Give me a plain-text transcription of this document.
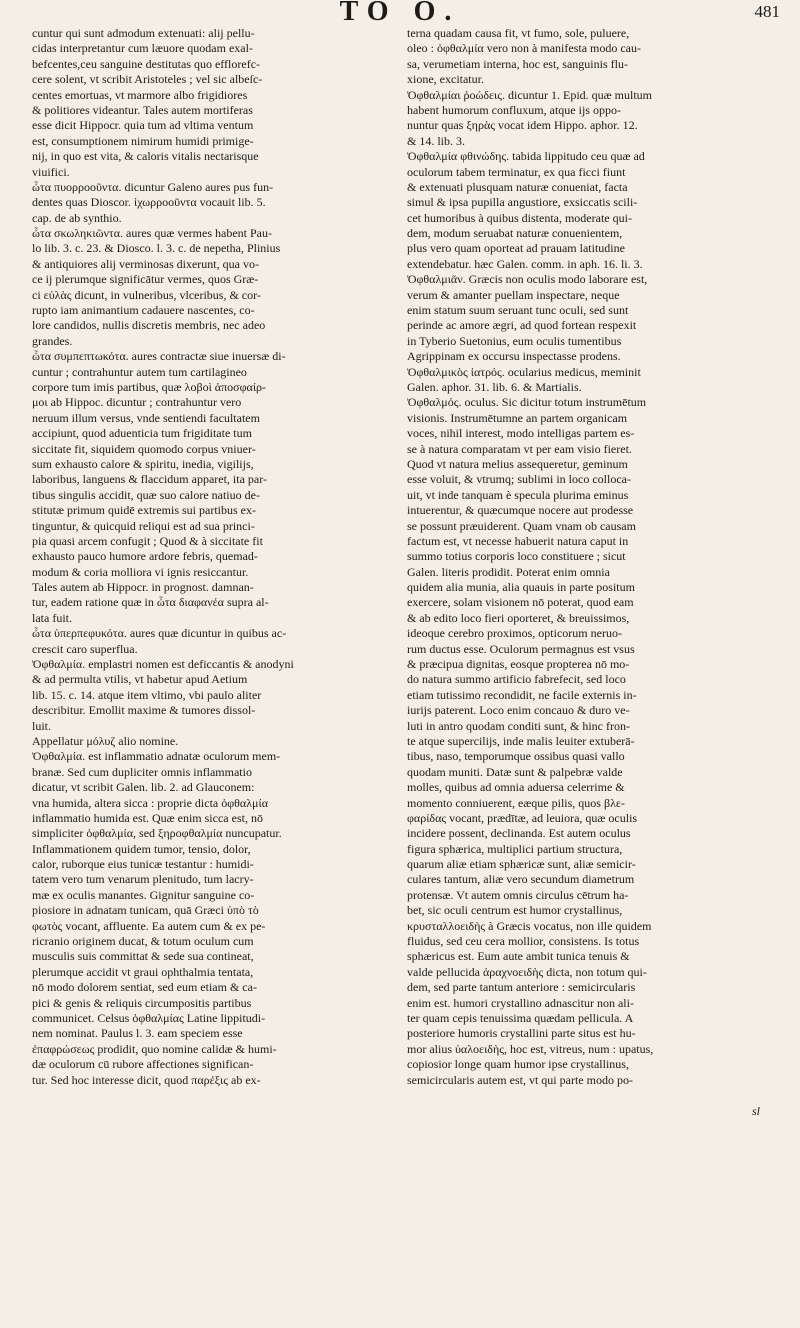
TO O.	481
cuntur qui sunt admodum extenuati: alij pellu-
cidas interpretantur cum læuore quodam exal-
befcentes,ceu sanguine destitutas quo efflorefc-
cere solent, vt scribit Aristoteles ; vel sic albeſc-
centes emortuas, vt marmore albo frigidiores
& politiores videantur. Tales autem mortiferas
esse dicit Hippocr. quia tum ad vltima ventum
est, consumptionem nimirum humidi primige-
nij, in quo est vita, & caloris vitalis nectarisque
viuifici.
ὦτα πυορροοῦντα. dicuntur Galeno aures pus fun-
dentes quas Dioscor. ἰχωρροοῦντα vocauit lib. 5.
cap. de ab synthio.
ὦτα σκωληκιῶντα. aures quæ vermes habent Pau-
lo lib. 3. c. 23. & Diosco. l. 3. c. de nepetha, Plinius
& antiquiores alij verminosas dixerunt, qua vo-
ce ij plerumque significātur vermes, quos Græ-
ci εὐλὰς dicunt, in vulneribus, vlceribus, & cor-
rupto iam animantium cadauere nascentes, co-
lore candidos, nullis discretis membris, nec adeo
grandes.
ὦτα συμπεπτωκότα. aures contractæ siue inuersæ di-
cuntur ; contrahuntur autem tum cartilagineo
corpore tum imis partibus, quæ λοβοὶ ἀποσφαίρ-
μοι ab Hippoc. dicuntur ; contrahuntur vero
neruum illum versus, vnde sentiendi facultatem
accipiunt, quod aduenticia tum frigiditate tum
siccitate fit, siquidem quomodo corpus vniuer-
sum exhausto calore & spiritu, inedia, vigilijs,
laboribus, languens & flaccidum apparet, ita par-
tibus singulis accidit, quæ suo calore natiuo de-
stitutæ primum quidē extremis sui partibus ex-
tinguntur, & quicquid reliqui est ad sua princi-
pia quasi arcem confugit ; Quod & à siccitate fit
exhausto pauco humore ardore febris, quemad-
modum & coria molliora vi ignis resiccantur.
Tales autem ab Hippocr. in prognost. damnan-
tur, eadem ratione quæ in ὦτα διαφανέα supra al-
lata fuit.
ὦτα ὑπερπεφυκότα. aures quæ dicuntur in quibus ac-
crescit caro superflua.
Ὀφθαλμία. emplastri nomen est deficcantis & anodyni
& ad permulta vtilis, vt habetur apud Aetium
lib. 15. c. 14. atque item vltimo, vbi paulo aliter
describitur. Emollit maxime & tumores dissol-
luit.
Appellatur μόλυζ alio nomine.
Ὀφθαλμία. est inflammatio adnatæ oculorum mem-
branæ. Sed cum dupliciter omnis inflammatio
dicatur, vt scribit Galen. lib. 2. ad Glauconem:
vna humida, altera sicca : proprie dicta ὀφθαλμία
inflammatio humida est. Quæ enim sicca est, nō
simpliciter ὀφθαλμία, sed ξηροφθαλμία nuncupatur.
Inflammationem quidem tumor, tensio, dolor,
calor, ruborque eius tunicæ testantur : humidi-
tatem vero tum venarum plenitudo, tum lacry-
mæ ex oculis manantes. Gignitur sanguine co-
piosiore in adnatam tunicam, quā Græci ὑπὸ τὸ
φωτὸς vocant, affluente. Ea autem cum & ex pe-
ricranio originem ducat, & totum oculum cum
musculis suis committat & sede sua contineat,
plerumque accidit vt graui ophthalmia tentata,
nō modo dolorem sentiat, sed eum etiam & ca-
pici & genis & reliquis circumpositis partibus
communicet. Celsus ὀφθαλμίας Latine lippitudi-
nem nominat. Paulus l. 3. eam speciem esse
ἐπαφρώσεως prodidit, quo nomine calidæ & humi-
dæ oculorum cū rubore affectiones significan-
tur. Sed hoc interesse dicit, quod παρέξις ab ex-
terna quadam causa fit, vt fumo, sole, puluere,
oleo : ὀφθαλμία vero non à manifesta modo cau-
sa, verumetiam interna, hoc est, sanguinis flu-
xione, excitatur.
Ὀφθαλμίαι ῥοώδεις. dicuntur 1. Epid. quæ multum
habent humorum confluxum, atque ijs oppo-
nuntur quas ξηρὰς vocat idem Hippo. aphor. 12.
& 14. lib. 3.
Ὀφθαλμία φθινώδης. tabida lippitudo ceu quæ ad
oculorum tabem terminatur, ex qua ficci fiunt
& extenuati plusquam naturæ conueniat, facta
simul & ipsa pupilla angustiore, exsiccatis scili-
cet humoribus à quibus distenta, moderate qui-
dem, modum seruabat naturæ conuenientem,
plus vero quam oporteat ad prauam latitudine
extendebatur. hæc Galen. comm. in aph. 16. li. 3.
Ὀφθαλμιᾶν. Græcis non oculis modo laborare est,
verum & amanter puellam inspectare, neque
enim statum suum seruant tunc oculi, sed sunt
perinde ac amore ægri, ad quod fortean respexit
in Tyberio Suetonius, eum oculis tumentibus
Agrippinam ex occursu inspectasse prodens.
Ὀφθαλμικὸς ἰατρός. ocularius medicus, meminit
Galen. aphor. 31. lib. 6. & Martialis.
Ὀφθαλμός. oculus. Sic dicitur totum instrumētum
visionis. Instrumētumne an partem organicam
voces, nihil interest, modo intelligas partem es-
se à natura comparatam vt per eam visio fieret.
Quod vt natura melius assequeretur, geminum
esse voluit, & vtrumq; sublimi in loco colloca-
uit, vt inde tanquam è specula plurima eminus
intuerentur, & quæcumque nocere aut prodesse
se possunt præuiderent. Quam vnam ob causam
factum est, vt necesse habuerit natura caput in
summo totius corporis loco constituere ; sicut
Galen. literis prodidit. Poterat enim omnia
quidem alia munia, alia quauis in parte positum
exercere, solam visionem nō poterat, quod eam
& ab edito loco fieri oporteret, & breuissimos,
ideoque cerebro proximos, opticorum neruo-
rum ductus esse. Oculorum permagnus est vsus
& præcipua dignitas, eosque propterea nō mo-
do natura summo artificio fabrefecit, sed loco
etiam tutissimo recondidit, ne facile externis in-
iurijs paterent. Loco enim concauo & duro ve-
luti in antro quodam conditi sunt, & hinc fron-
te atque supercilijs, inde malis leuiter extuberā-
tibus, naso, temporumque ossibus quasi vallo
quodam muniti. Datæ sunt & palpebræ valde
molles, quibus ad omnia aduersa celerrime &
momento conniuerent, eæque pilis, quos βλε-
φαρίδας vocant, prædītæ, ad leuiora, quæ oculis
incidere possent, declinanda. Est autem oculus
figura sphærica, multiplici partium structura,
quarum aliæ etiam sphæricæ sunt, aliæ semicir-
culares tantum, aliæ vero secundum diametrum
protensæ. Vt autem omnis circulus cētrum ha-
bet, sic oculi centrum est humor crystallinus,
κρυσταλλοειδὴς à Græcis vocatus, non ille quidem
fluidus, sed ceu cera mollior, consistens. Is totus
sphæricus est. Eum aute ambit tunica tenuis &
valde pellucida ἀραχνοειδὴς dicta, non totum qui-
dem, sed parte tantum anteriore : semicircularis
enim est. humori crystallino adnascitur non ali-
ter quam cepis tenuissima quædam pellicula. A
posteriore humoris crystallini parte situs est hu-
mor alius ὑαλοειδὴς, hoc est, vitreus, num : upatus,
copiosior longe quam humor ipse crystallinus,
semicircularis autem est, vt qui parte modo po-
sl
